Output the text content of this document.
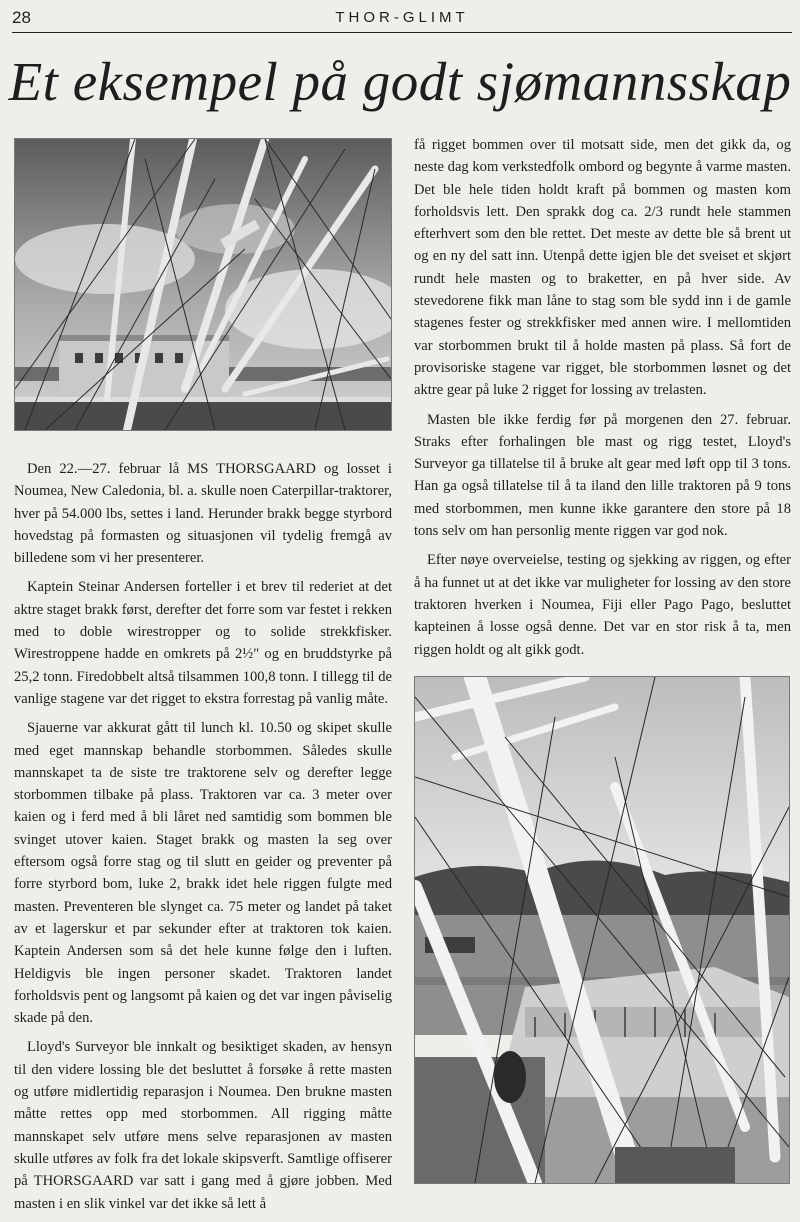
28	THOR-GLIMT
Et eksempel på godt sjømannsskap

Den 22.—27. februar lå MS THORSGAARD og losset i Noumea, New Caledonia, bl. a. skulle noen Caterpillar-traktorer, hver på 54.000 lbs, settes i land. Herunder brakk begge styrbord hovedstag på formasten og situasjonen vil tydelig fremgå av billedene som vi her presenterer.

Kaptein Steinar Andersen forteller i et brev til rederiet at det aktre staget brakk først, derefter det forre som var festet i rekken med to doble wirestropper og to solide strekkfisker. Wirestroppene hadde en omkrets på 2½" og en bruddstyrke på 25,2 tonn. Firedobbelt altså tilsammen 100,8 tonn. I tillegg til de vanlige stagene var det rigget to ekstra forrestag på vanlig måte.

Sjauerne var akkurat gått til lunch kl. 10.50 og skipet skulle med eget mannskap behandle storbommen. Således skulle mannskapet ta de siste tre traktorene selv og derefter legge storbommen tilbake på plass. Traktoren var ca. 3 meter over kaien og i ferd med å bli låret ned samtidig som bommen ble svinget utover kaien. Staget brakk og masten la seg over eftersom også forre stag og til slutt en geider og preventer på forre styrbord bom, luke 2, brakk idet hele riggen fulgte med masten. Preventeren ble slynget ca. 75 meter og landet på taket av et lagerskur et par sekunder efter at traktoren tok kaien. Kaptein Andersen som så det hele kunne følge den i luften. Heldigvis ble ingen personer skadet. Traktoren landet forholdsvis pent og langsomt på kaien og det var ingen påviselig skade på den.

Lloyd's Surveyor ble innkalt og besiktiget skaden, av hensyn til den videre lossing ble det besluttet å forsøke å rette masten og utføre midlertidig reparasjon i Noumea. Den brukne masten måtte rettes opp med storbommen. All rigging måtte mannskapet selv utføre mens selve reparasjonen av masten skulle utføres av folk fra det lokale skipsverft. Samtlige offiserer på THORSGAARD var satt i gang med å gjøre jobben. Med masten i en slik vinkel var det ikke så lett å

få rigget bommen over til motsatt side, men det gikk da, og neste dag kom verkstedfolk ombord og begynte å varme masten. Det ble hele tiden holdt kraft på bommen og masten kom forholdsvis lett. Den sprakk dog ca. 2/3 rundt hele stammen efterhvert som den ble rettet. Det meste av dette ble så brent ut og en ny del satt inn. Utenpå dette igjen ble det sveiset et skjørt rundt hele masten og to braketter, en på hver side. Av stevedorene fikk man låne to stag som ble sydd inn i de gamle stagenes fester og strekkfisker med annen wire. I mellomtiden var storbommen brukt til å holde masten på plass. Så fort de provisoriske stagene var rigget, ble storbommen løsnet og det aktre gear på luke 2 rigget for lossing av trelasten.

Masten ble ikke ferdig før på morgenen den 27. februar. Straks efter forhalingen ble mast og rigg testet, Lloyd's Surveyor ga tillatelse til å bruke alt gear med løft opp til 3 tons. Han ga også tillatelse til å ta iland den lille traktoren på 9 tons med storbommen, men kunne ikke garantere den store på 18 tons selv om han personlig mente riggen var god nok.

Efter nøye overveielse, testing og sjekking av riggen, og efter å ha funnet ut at det ikke var muligheter for lossing av den store traktoren hverken i Noumea, Fiji eller Pago Pago, besluttet kapteinen å losse også denne. Det var en stor risk å ta, men riggen holdt og alt gikk godt.
